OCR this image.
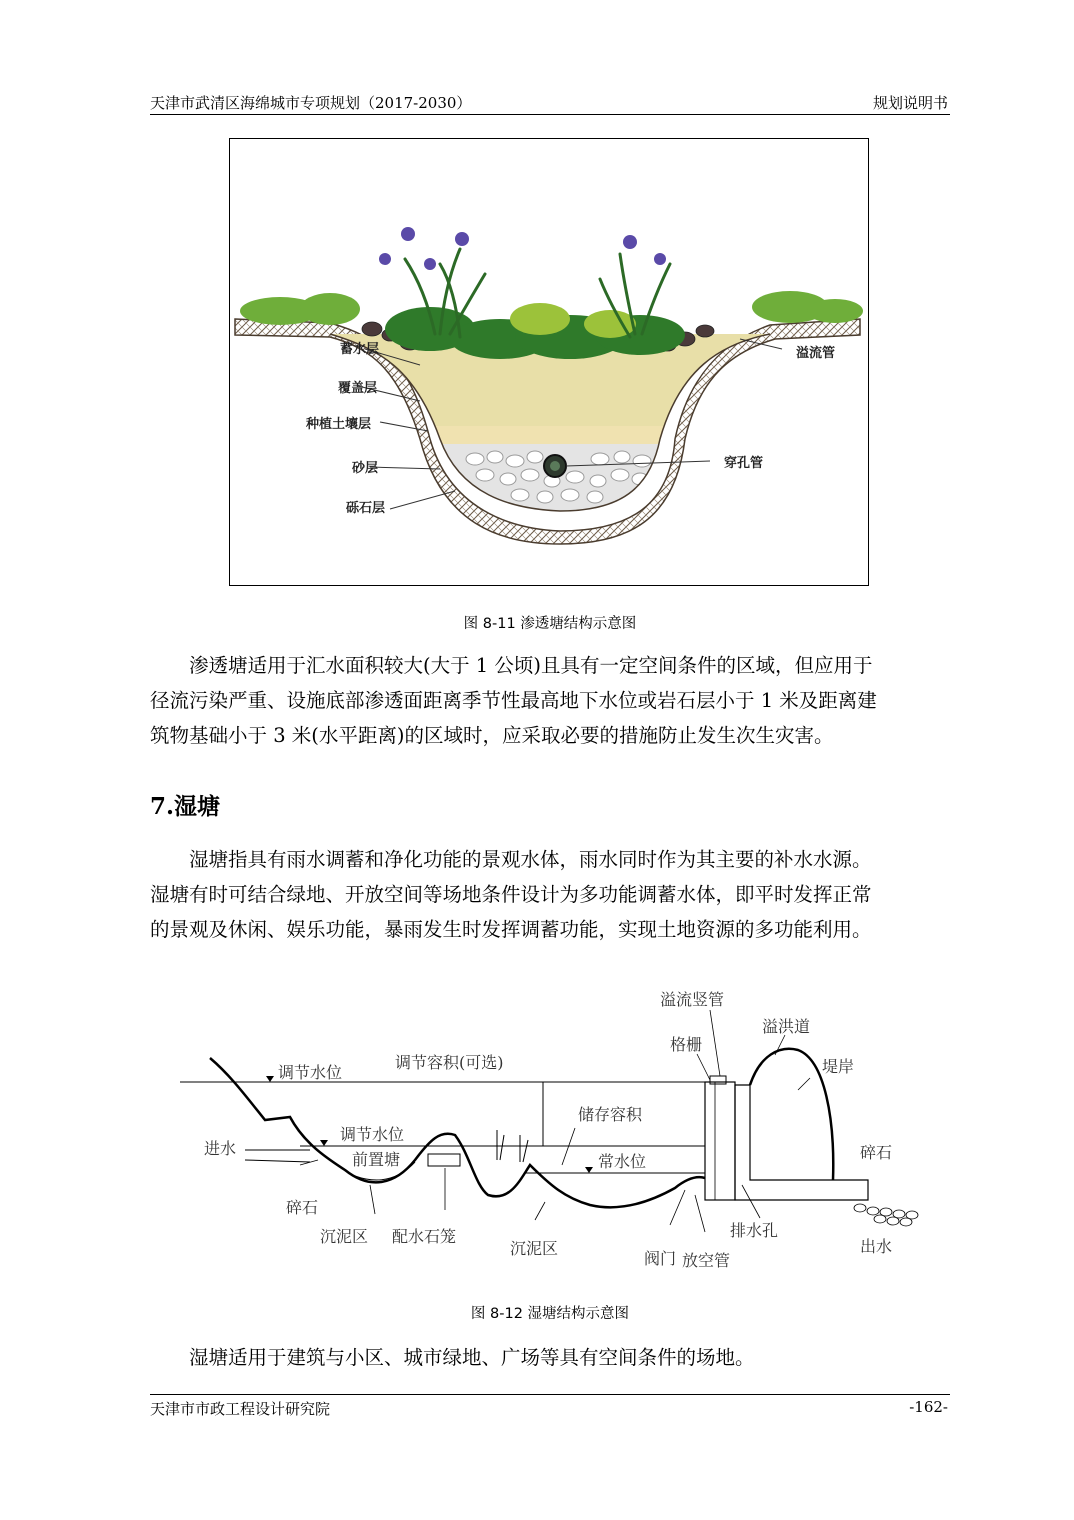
天津市武清区海绵城市专项规划（2017-2030）	规划说明书
蓄水层
覆盖层
种植土壤层
砂层
砾石层
溢流管
穿孔管
图 8-11 渗透塘结构示意图

渗透塘适用于汇水面积较大(大于 1 公顷)且具有一定空间条件的区域，但应用于

径流污染严重、设施底部渗透面距离季节性最高地下水位或岩石层小于 1 米及距离建

筑物基础小于 3 米(水平距离)的区域时，应采取必要的措施防止发生次生灾害。

7.湿塘

湿塘指具有雨水调蓄和净化功能的景观水体，雨水同时作为其主要的补水水源。

湿塘有时可结合绿地、开放空间等场地条件设计为多功能调蓄水体，即平时发挥正常

的景观及休闲、娱乐功能，暴雨发生时发挥调蓄功能，实现土地资源的多功能利用。

溢流竖管
溢洪道
格栅
堤岸
调节水位
调节容积(可选)
储存容积
进水
调节水位
前置塘	常水位
碎石
碎石
沉泥区 配水石笼
沉泥区
排水孔
阀门 放空管
出水
图 8-12 湿塘结构示意图

湿塘适用于建筑与小区、城市绿地、广场等具有空间条件的场地。

天津市市政工程设计研究院	-162-
